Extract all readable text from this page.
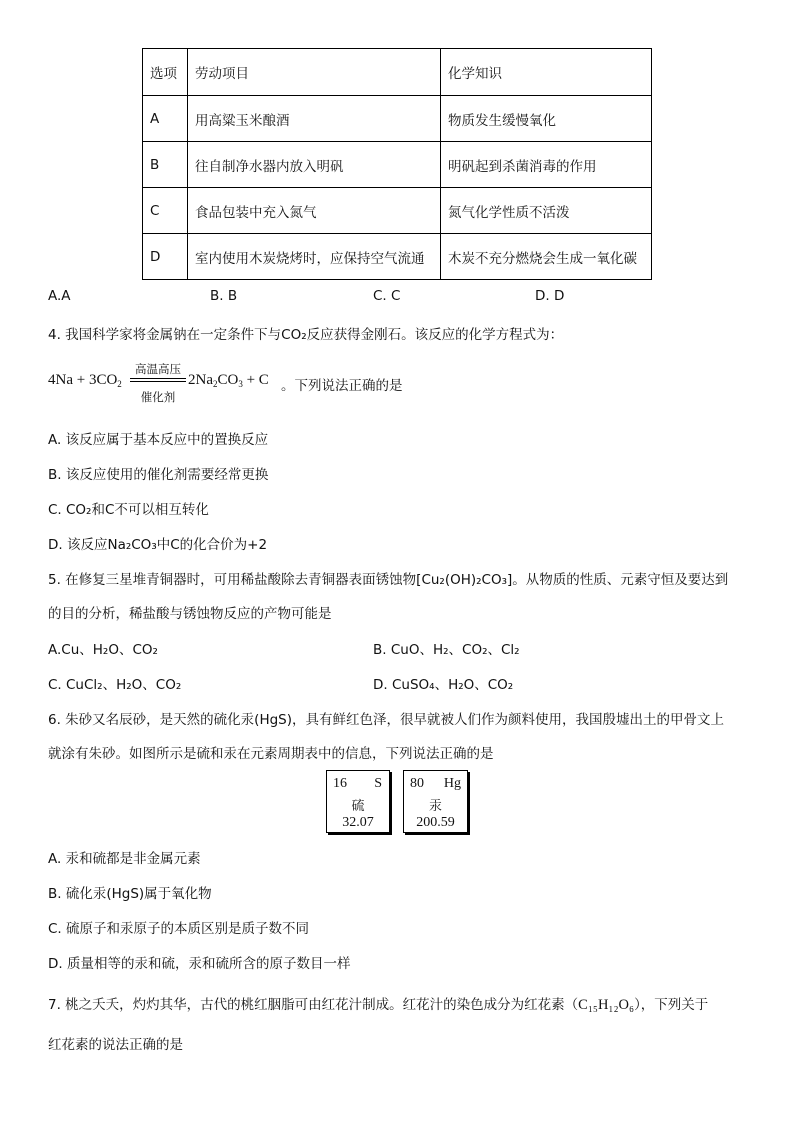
选项	劳动项目	化学知识
A	用高粱玉米酿酒	物质发生缓慢氧化
B	往自制净水器内放入明矾	明矾起到杀菌消毒的作用
C	食品包装中充入氮气	氮气化学性质不活泼
D	室内使用木炭烧烤时，应保持空气流通	木炭不充分燃烧会生成一氧化碳
A.A	B. B	C. C	D. D
4. 我国科学家将金属钠在一定条件下与CO₂反应获得金刚石。该反应的化学方程式为：
$4Na + 3CO_2$
高温高压
催化剂
$2Na_2CO_3 + C$ 。下列说法正确的是
A. 该反应属于基本反应中的置换反应
B. 该反应使用的催化剂需要经常更换
C. CO₂和C不可以相互转化
D. 该反应Na₂CO₃中C的化合价为+2
5. 在修复三星堆青铜器时，可用稀盐酸除去青铜器表面锈蚀物[Cu₂(OH)₂CO₃]。从物质的性质、元素守恒及要达到
的目的分析，稀盐酸与锈蚀物反应的产物可能是
A.Cu、H₂O、CO₂	B. CuO、H₂、CO₂、Cl₂
C. CuCl₂、H₂O、CO₂	D. CuSO₄、H₂O、CO₂
6. 朱砂又名辰砂，是天然的硫化汞(HgS)，具有鲜红色泽，很早就被人们作为颜料使用，我国殷墟出土的甲骨文上
就涂有朱砂。如图所示是硫和汞在元素周期表中的信息，下列说法正确的是
16 S
硫
32.07
80 Hg
汞
200.59
A. 汞和硫都是非金属元素
B. 硫化汞(HgS)属于氧化物
C. 硫原子和汞原子的本质区别是质子数不同
D. 质量相等的汞和硫，汞和硫所含的原子数目一样
7. 桃之夭夭，灼灼其华，古代的桃红胭脂可由红花汁制成。红花汁的染色成分为红花素（C₁₅H₁₂O₆），下列关于
红花素的说法正确的是
